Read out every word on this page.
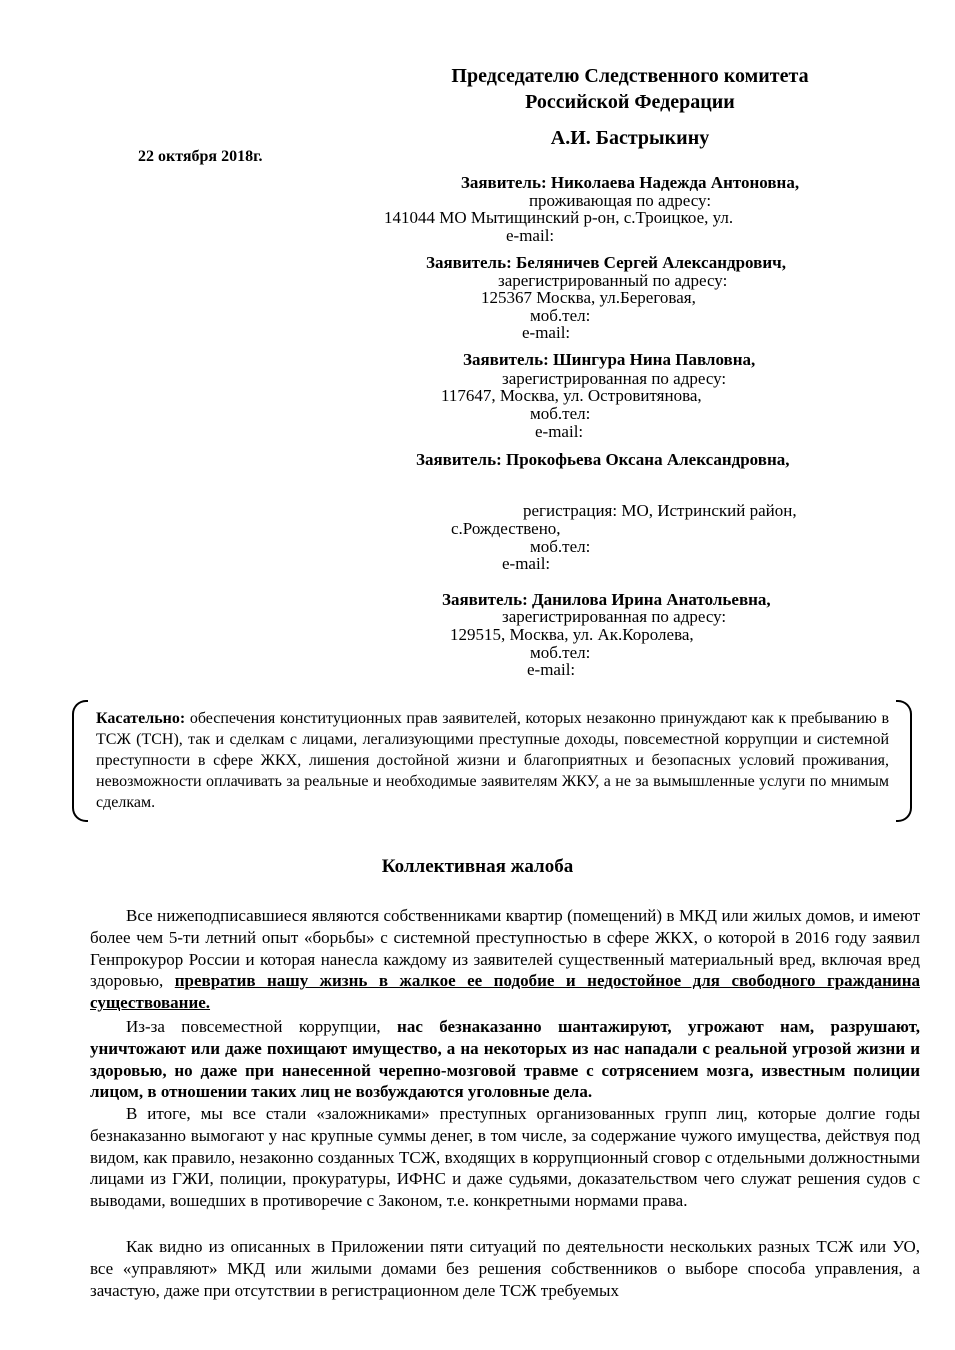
Председателю Следственного комитета
Российской Федерации
А.И. Бастрыкину
22 октября 2018г.
Заявитель: Николаева Надежда Антоновна,
проживающая по адресу:
141044 МО Мытищинский р-он, с.Троицкое, ул.
e-mail:
Заявитель: Беляничев Сергей Александрович,
зарегистрированный по адресу:
125367 Москва, ул.Береговая,
моб.тел:
e-mail:
Заявитель: Шингура Нина Павловна,
зарегистрированная по адресу:
117647, Москва, ул. Островитянова,
моб.тел:
e-mail:
Заявитель: Прокофьева Оксана Александровна,
регистрация: МО, Истринский район,
с.Рождествено,
моб.тел:
e-mail:
Заявитель: Данилова Ирина Анатольевна,
зарегистрированная по адресу:
129515, Москва, ул. Ак.Королева,
моб.тел:
e-mail:
Касательно: обеспечения конституционных прав заявителей, которых незаконно принуждают как к пребыванию в ТСЖ (ТСН), так и сделкам с лицами, легализующими преступные доходы, повсеместной коррупции и системной преступности в сфере ЖКХ, лишения достойной жизни и благоприятных и безопасных условий проживания, невозможности оплачивать за реальные и необходимые заявителям ЖКУ, а не за вымышленные услуги по мнимым сделкам.
Коллективная жалоба
Все нижеподписавшиеся являются собственниками квартир (помещений) в МКД или жилых домов, и имеют более чем 5-ти летний опыт «борьбы» с системной преступностью в сфере ЖКХ, о которой в 2016 году заявил Генпрокурор России и которая нанесла каждому из заявителей существенный материальный вред, включая вред здоровью, превратив нашу жизнь в жалкое ее подобие и недостойное для свободного гражданина существование.
Из-за повсеместной коррупции, нас безнаказанно шантажируют, угрожают нам, разрушают, уничтожают или даже похищают имущество, а на некоторых из нас нападали с реальной угрозой жизни и здоровью, но даже при нанесенной черепно-мозговой травме с сотрясением мозга, известным полиции лицом, в отношении таких лиц не возбуждаются уголовные дела.
В итоге, мы все стали «заложниками» преступных организованных групп лиц, которые долгие годы безнаказанно вымогают у нас крупные суммы денег, в том числе, за содержание чужого имущества, действуя под видом, как правило, незаконно созданных ТСЖ, входящих в коррупционный сговор с отдельными должностными лицами из ГЖИ, полиции, прокуратуры, ИФНС и даже судьями, доказательством чего служат решения судов с выводами, вошедших в противоречие с Законом, т.е. конкретными нормами права.
Как видно из описанных в Приложении пяти ситуаций по деятельности нескольких разных ТСЖ или УО, все «управляют» МКД или жилыми домами без решения собственников о выборе способа управления, а зачастую, даже при отсутствии в регистрационном деле ТСЖ требуемых
